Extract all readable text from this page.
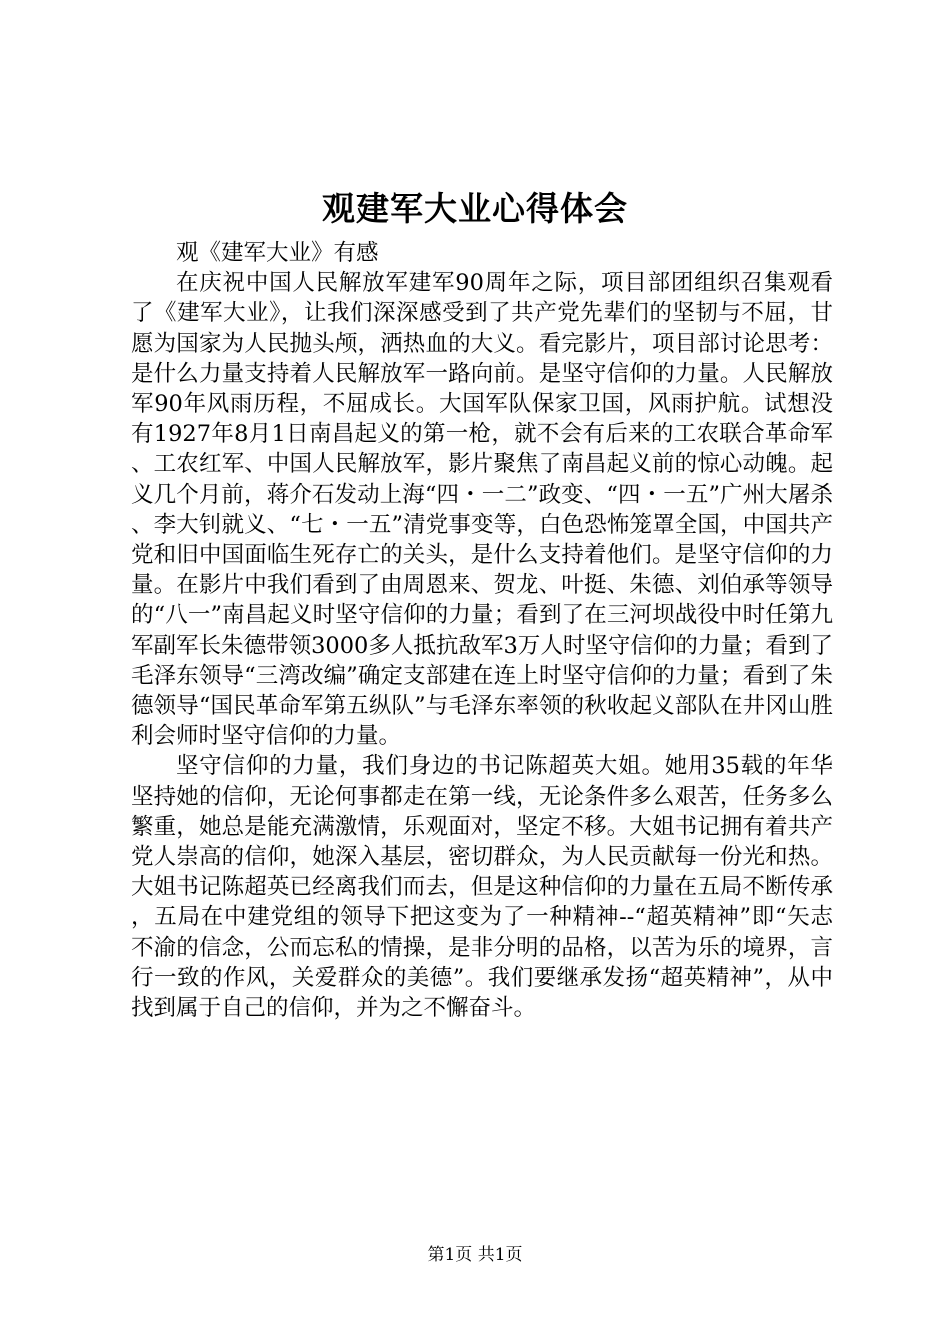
观建军大业心得体会

观《建军大业》有感

在庆祝中国人民解放军建军90周年之际，项目部团组织召集观看了《建军大业》，让我们深深感受到了共产党先辈们的坚韧与不屈，甘愿为国家为人民抛头颅，洒热血的大义。看完影片，项目部讨论思考：是什么力量支持着人民解放军一路向前。是坚守信仰的力量。人民解放军90年风雨历程，不屈成长。大国军队保家卫国，风雨护航。试想没有1927年8月1日南昌起义的第一枪，就不会有后来的工农联合革命军、工农红军、中国人民解放军，影片聚焦了南昌起义前的惊心动魄。起义几个月前，蒋介石发动上海“四・一二”政变、“四・一五”广州大屠杀、李大钊就义、“七・一五”清党事变等，白色恐怖笼罩全国，中国共产党和旧中国面临生死存亡的关头，是什么支持着他们。是坚守信仰的力量。在影片中我们看到了由周恩来、贺龙、叶挺、朱德、刘伯承等领导的“八一”南昌起义时坚守信仰的力量；看到了在三河坝战役中时任第九军副军长朱德带领3000多人抵抗敌军3万人时坚守信仰的力量；看到了毛泽东领导“三湾改编”确定支部建在连上时坚守信仰的力量；看到了朱德领导“国民革命军第五纵队”与毛泽东率领的秋收起义部队在井冈山胜利会师时坚守信仰的力量。

坚守信仰的力量，我们身边的书记陈超英大姐。她用35载的年华坚持她的信仰，无论何事都走在第一线，无论条件多么艰苦，任务多么繁重，她总是能充满激情，乐观面对，坚定不移。大姐书记拥有着共产党人崇高的信仰，她深入基层，密切群众，为人民贡献每一份光和热。大姐书记陈超英已经离我们而去，但是这种信仰的力量在五局不断传承，五局在中建党组的领导下把这变为了一种精神--“超英精神”即“矢志不渝的信念，公而忘私的情操，是非分明的品格，以苦为乐的境界，言行一致的作风，关爱群众的美德”。我们要继承发扬“超英精神”，从中找到属于自己的信仰，并为之不懈奋斗。

第1页 共1页
